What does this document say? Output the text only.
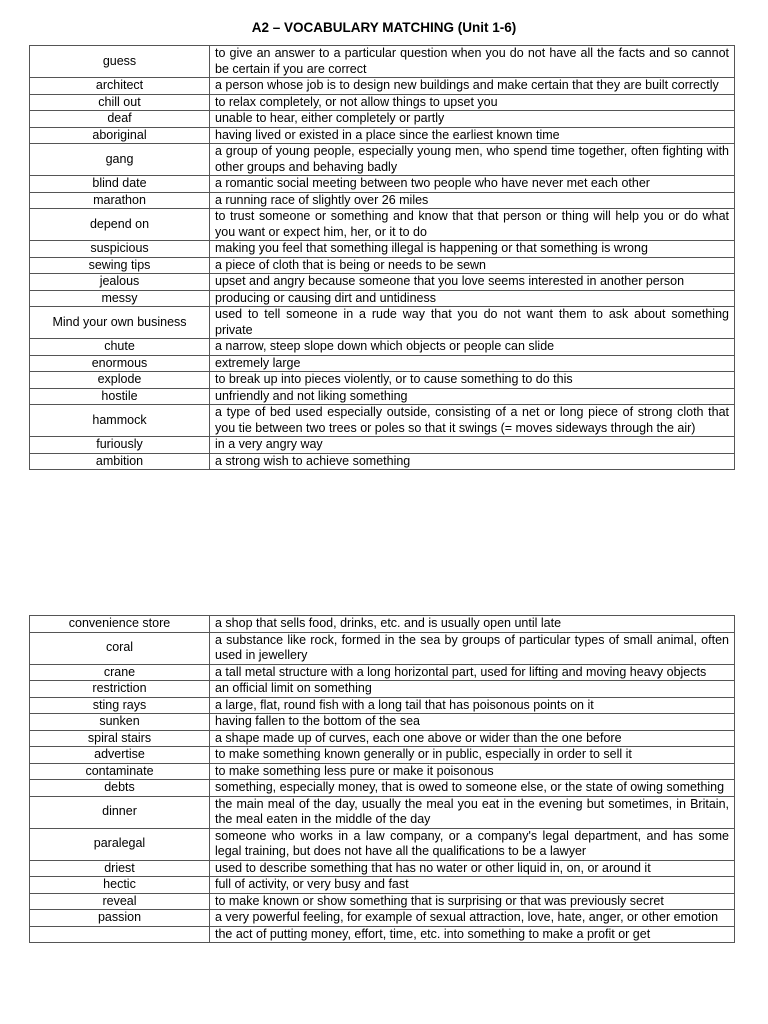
A2 – VOCABULARY MATCHING (Unit 1-6)
guess	to give an answer to a particular question when you do not have all the facts and so cannot be certain if you are correct
architect	a person whose job is to design new buildings and make certain that they are built correctly
chill out	to relax completely, or not allow things to upset you
deaf	unable to hear, either completely or partly
aboriginal	having lived or existed in a place since the earliest known time
gang	a group of young people, especially young men, who spend time together, often fighting with other groups and behaving badly
blind date	a romantic social meeting between two people who have never met each other
marathon	a running race of slightly over 26 miles
depend on	to trust someone or something and know that that person or thing will help you or do what you want or expect him, her, or it to do
suspicious	making you feel that something illegal is happening or that something is wrong
sewing tips	a piece of cloth that is being or needs to be sewn
jealous	upset and angry because someone that you love seems interested in another person
messy	producing or causing dirt and untidiness
Mind your own business	used to tell someone in a rude way that you do not want them to ask about something private
chute	a narrow, steep slope down which objects or people can slide
enormous	extremely large
explode	to break up into pieces violently, or to cause something to do this
hostile	unfriendly and not liking something
hammock	a type of bed used especially outside, consisting of a net or long piece of strong cloth that you tie between two trees or poles so that it swings (= moves sideways through the air)
furiously	in a very angry way
ambition	a strong wish to achieve something
convenience store	a shop that sells food, drinks, etc. and is usually open until late
coral	a substance like rock, formed in the sea by groups of particular types of small animal, often used in jewellery
crane	a tall metal structure with a long horizontal part, used for lifting and moving heavy objects
restriction	an official limit on something
sting rays	a large, flat, round fish with a long tail that has poisonous points on it
sunken	having fallen to the bottom of the sea
spiral stairs	a shape made up of curves, each one above or wider than the one before
advertise	to make something known generally or in public, especially in order to sell it
contaminate	to make something less pure or make it poisonous
debts	something, especially money, that is owed to someone else, or the state of owing something
dinner	the main meal of the day, usually the meal you eat in the evening but sometimes, in Britain, the meal eaten in the middle of the day
paralegal	someone who works in a law company, or a company's legal department, and has some legal training, but does not have all the qualifications to be a lawyer
driest	used to describe something that has no water or other liquid in, on, or around it
hectic	full of activity, or very busy and fast
reveal	to make known or show something that is surprising or that was previously secret
passion	a very powerful feeling, for example of sexual attraction, love, hate, anger, or other emotion
	the act of putting money, effort, time, etc. into something to make a profit or get
